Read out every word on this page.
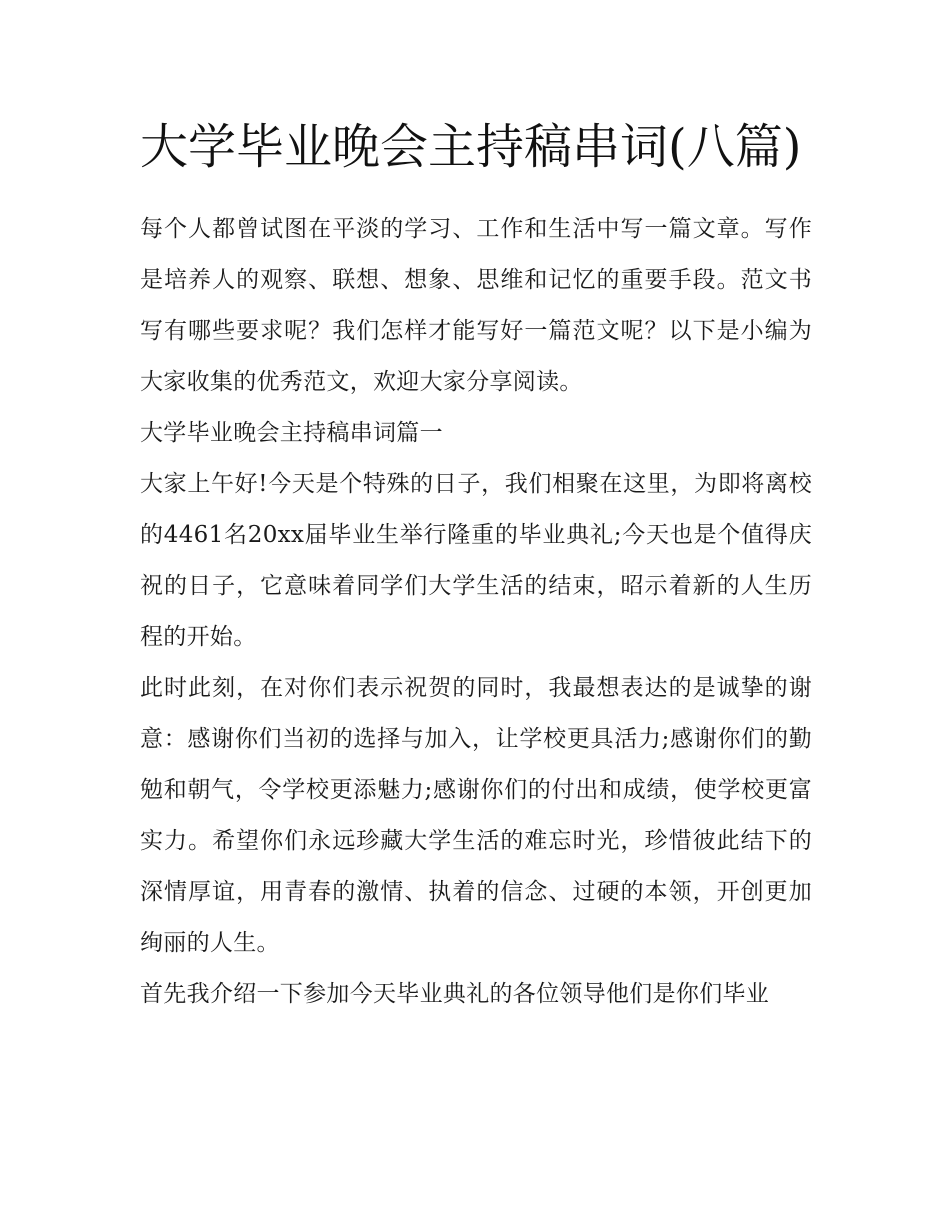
大学毕业晚会主持稿串词(八篇)

每个人都曾试图在平淡的学习、工作和生活中写一篇文章。写作是培养人的观察、联想、想象、思维和记忆的重要手段。范文书写有哪些要求呢？我们怎样才能写好一篇范文呢？以下是小编为大家收集的优秀范文，欢迎大家分享阅读。

大学毕业晚会主持稿串词篇一

大家上午好!今天是个特殊的日子，我们相聚在这里，为即将离校的4461名20xx届毕业生举行隆重的毕业典礼;今天也是个值得庆祝的日子，它意味着同学们大学生活的结束，昭示着新的人生历程的开始。

此时此刻，在对你们表示祝贺的同时，我最想表达的是诚挚的谢意：感谢你们当初的选择与加入，让学校更具活力;感谢你们的勤勉和朝气，令学校更添魅力;感谢你们的付出和成绩，使学校更富实力。希望你们永远珍藏大学生活的难忘时光，珍惜彼此结下的深情厚谊，用青春的激情、执着的信念、过硬的本领，开创更加绚丽的人生。

首先我介绍一下参加今天毕业典礼的各位领导他们是你们毕业
